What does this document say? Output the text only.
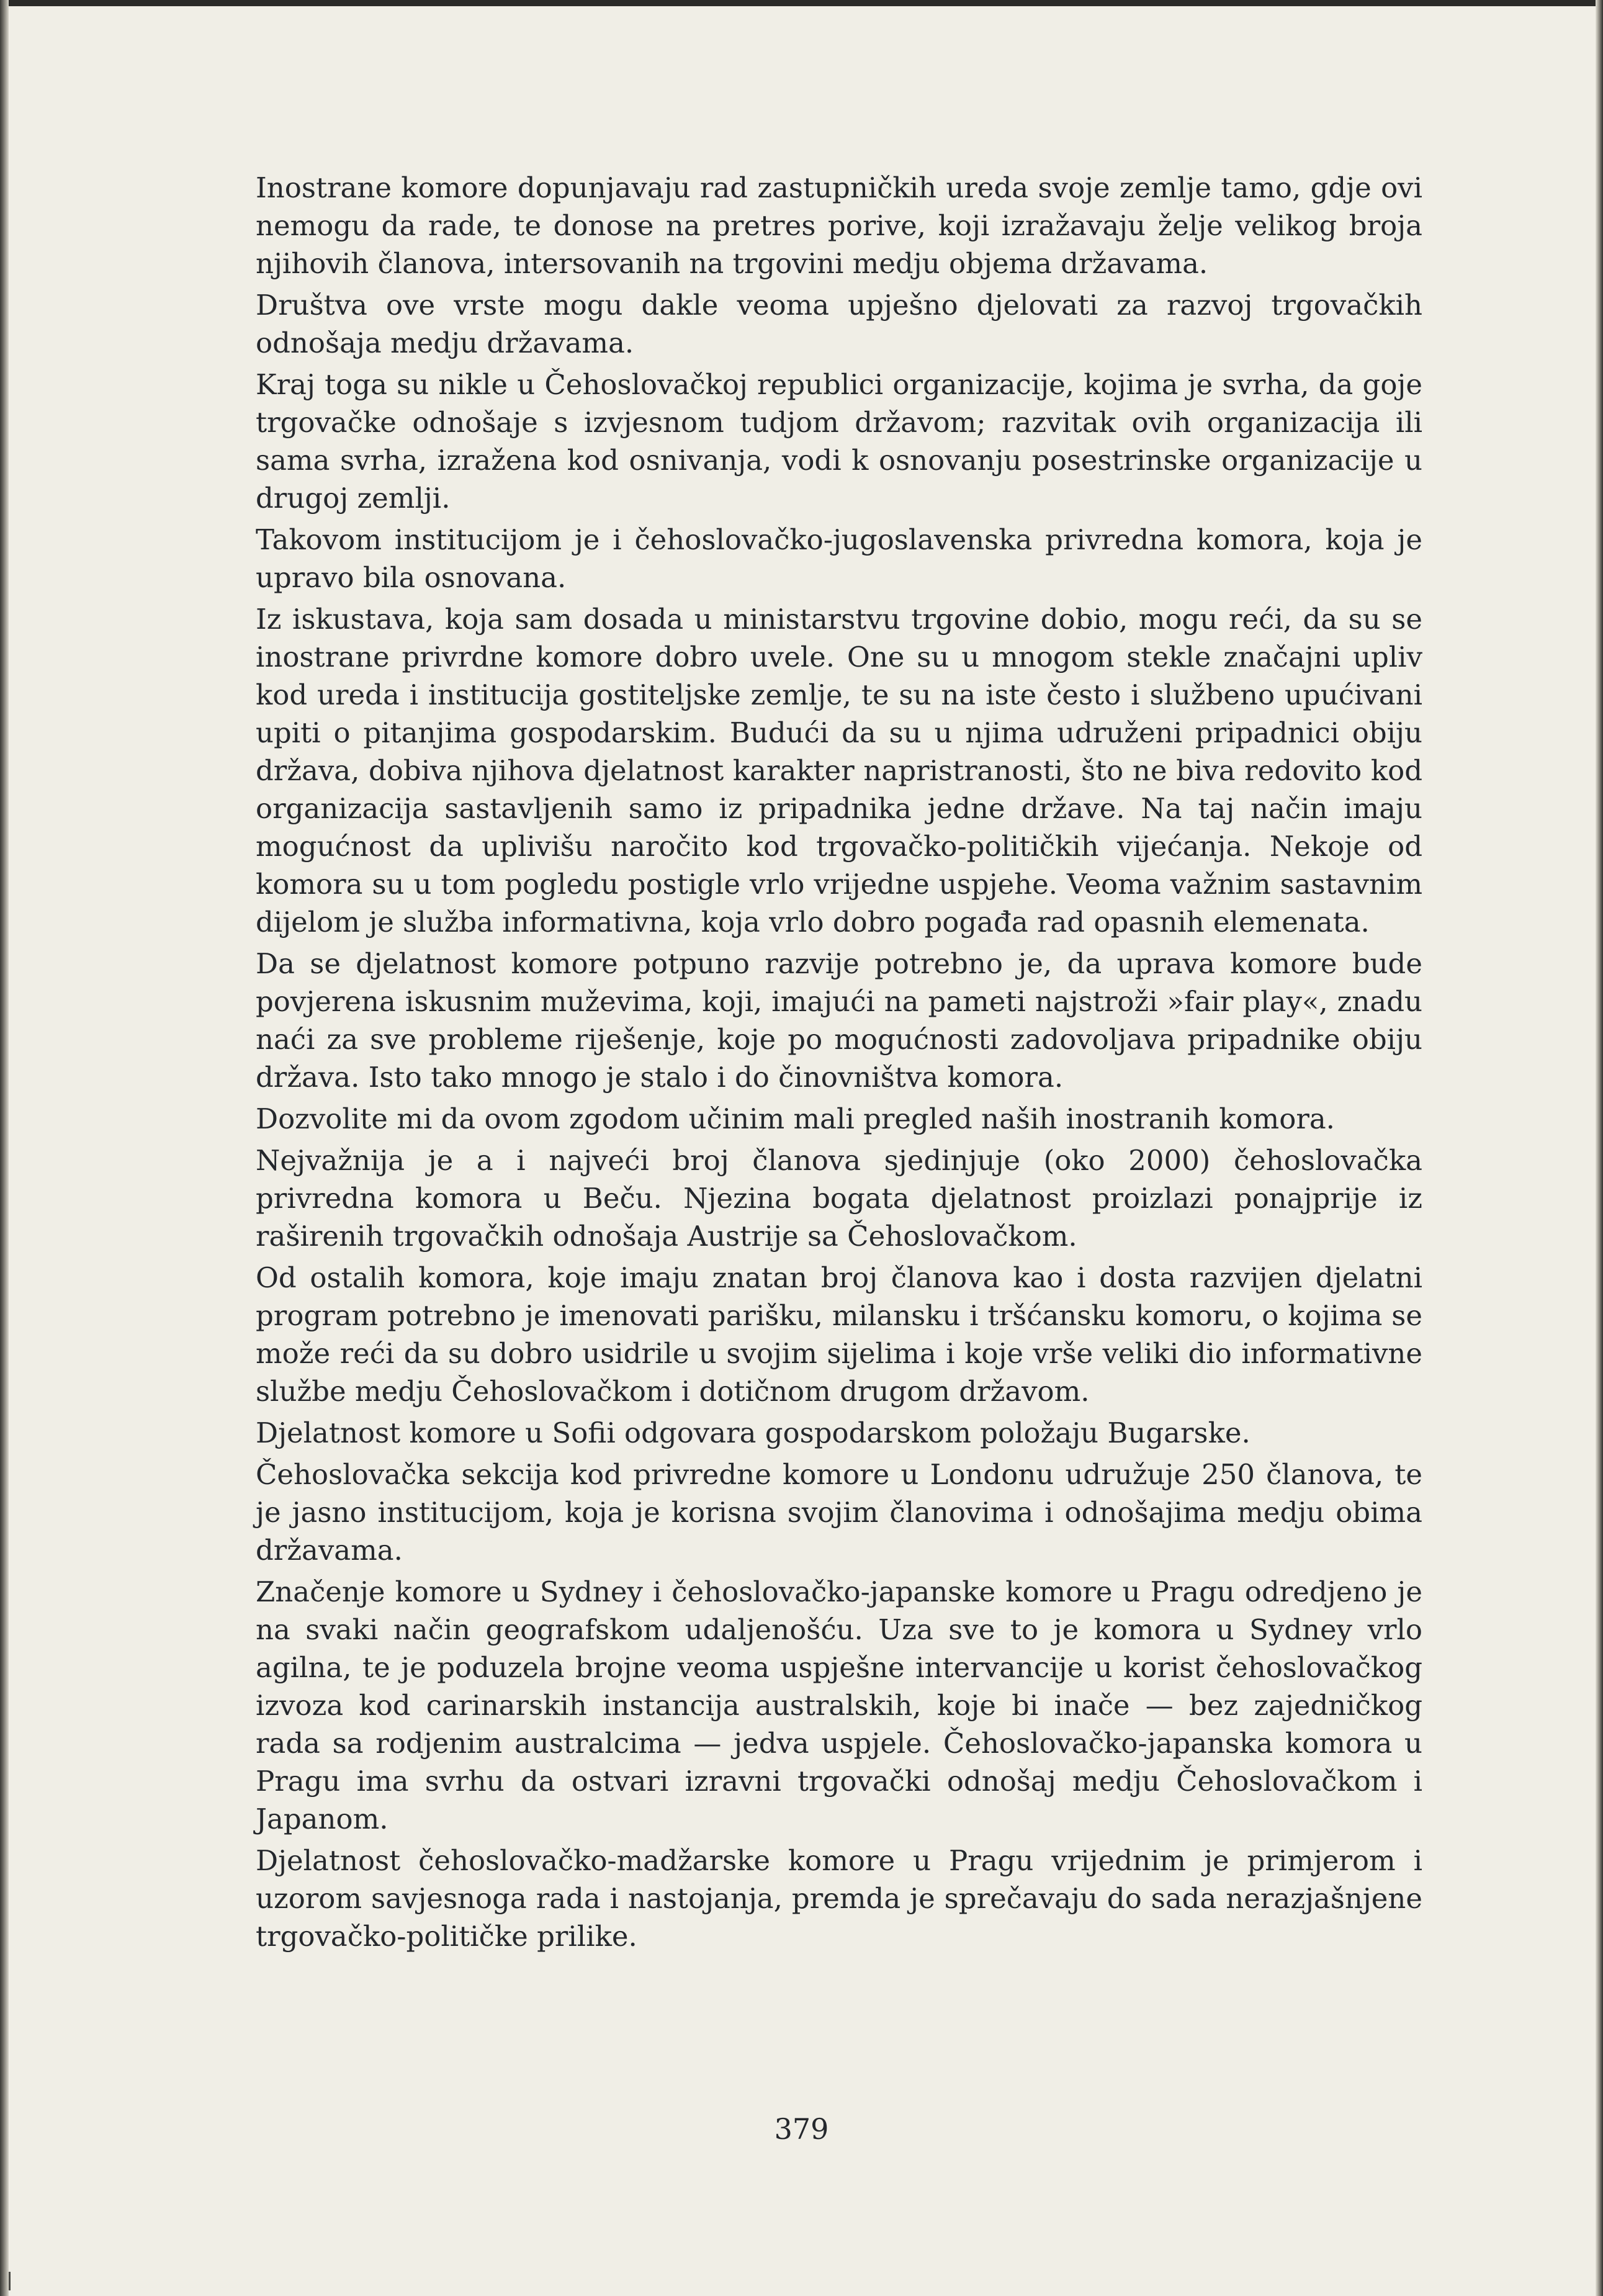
Inostrane komore dopunjavaju rad zastupničkih ureda svoje zemlje tamo, gdje ovi nemogu da rade, te donose na pretres porive, koji izražavaju želje velikog broja njihovih članova, intersovanih na trgovini medju objema državama.

Društva ove vrste mogu dakle veoma upješno djelovati za razvoj trgovačkih odnošaja medju državama.

Kraj toga su nikle u Čehoslovačkoj republici organizacije, kojima je svrha, da goje trgovačke odnošaje s izvjesnom tudjom državom; razvitak ovih organizacija ili sama svrha, izražena kod osnivanja, vodi k osnovanju posestrinske organizacije u drugoj zemlji.

Takovom institucijom je i čehoslovačko-jugoslavenska privredna komora, koja je upravo bila osnovana.

Iz iskustava, koja sam dosada u ministarstvu trgovine dobio, mogu reći, da su se inostrane privrdne komore dobro uvele. One su u mnogom stekle značajni upliv kod ureda i institucija gostiteljske zemlje, te su na iste često i službeno upućivani upiti o pitanjima gospodarskim. Budući da su u njima udruženi pripadnici obiju država, dobiva njihova djelatnost karakter napristranosti, što ne biva redovito kod organizacija sastavljenih samo iz pripadnika jedne države. Na taj način imaju mogućnost da uplivišu naročito kod trgovačko-političkih vijećanja. Nekoje od komora su u tom pogledu postigle vrlo vrijedne uspjehe. Veoma važnim sastavnim dijelom je služba informativna, koja vrlo dobro pogađa rad opasnih elemenata.

Da se djelatnost komore potpuno razvije potrebno je, da uprava komore bude povjerena iskusnim muževima, koji, imajući na pameti najstroži »fair play«, znadu naći za sve probleme riješenje, koje po mogućnosti zadovoljava pripadnike obiju država. Isto tako mnogo je stalo i do činovništva komora.

Dozvolite mi da ovom zgodom učinim mali pregled naših inostranih komora.

Nejvažnija je a i najveći broj članova sjedinjuje (oko 2000) čehoslovačka privredna komora u Beču. Njezina bogata djelatnost proizlazi ponajprije iz raširenih trgovačkih odnošaja Austrije sa Čehoslovačkom.

Od ostalih komora, koje imaju znatan broj članova kao i dosta razvijen djelatni program potrebno je imenovati parišku, milansku i tršćansku komoru, o kojima se može reći da su dobro usidrile u svojim sijelima i koje vrše veliki dio informativne službe medju Čehoslovačkom i dotičnom drugom državom.

Djelatnost komore u Sofii odgovara gospodarskom položaju Bugarske.

Čehoslovačka sekcija kod privredne komore u Londonu udružuje 250 članova, te je jasno institucijom, koja je korisna svojim članovima i odnošajima medju obima državama.

Značenje komore u Sydney i čehoslovačko-japanske komore u Pragu odredjeno je na svaki način geografskom udaljenošću. Uza sve to je komora u Sydney vrlo agilna, te je poduzela brojne veoma uspješne intervancije u korist čehoslovačkog izvoza kod carinarskih instancija australskih, koje bi inače — bez zajedničkog rada sa rodjenim australcima — jedva uspjele. Čehoslovačko-japanska komora u Pragu ima svrhu da ostvari izravni trgovački odnošaj medju Čehoslovačkom i Japanom.

Djelatnost čehoslovačko-madžarske komore u Pragu vrijednim je primjerom i uzorom savjesnoga rada i nastojanja, premda je sprečavaju do sada nerazjašnjene trgovačko-političke prilike.

379
